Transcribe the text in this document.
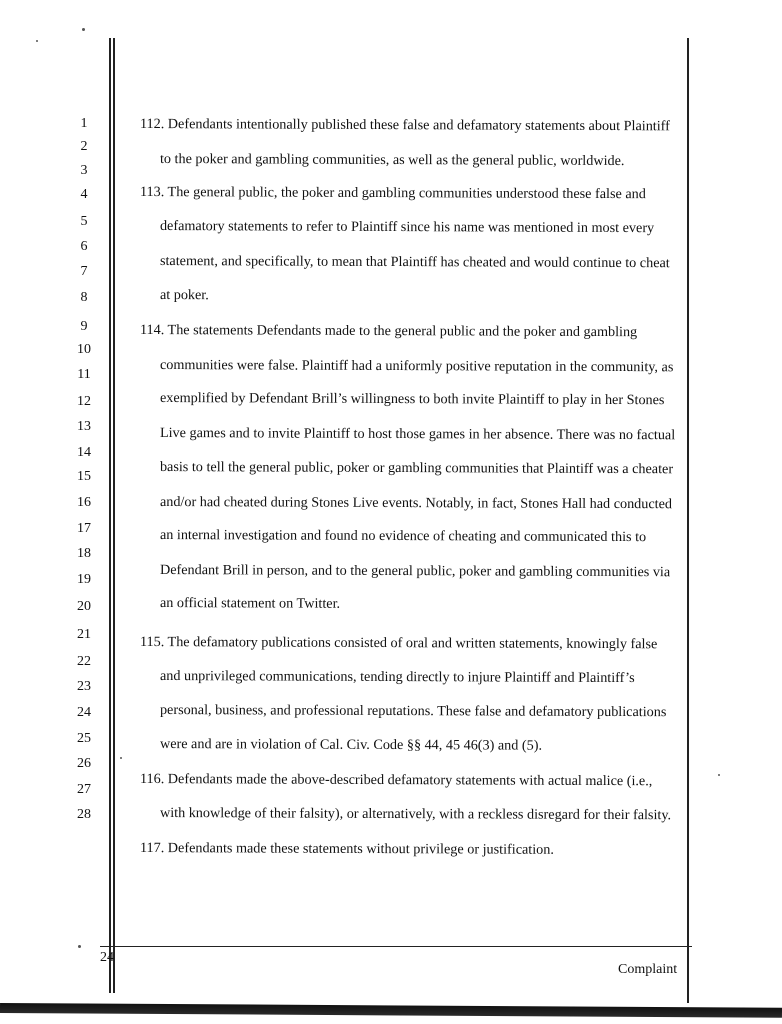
1
2
3
4
5
6
7
8
9
10
11
12
13
14
15
16
17
18
19
20
21
22
23
24
25
26
27
28
112. Defendants intentionally published these false and defamatory statements about Plaintiff
to the poker and gambling communities, as well as the general public, worldwide.
113. The general public, the poker and gambling communities understood these false and
defamatory statements to refer to Plaintiff since his name was mentioned in most every
statement, and specifically, to mean that Plaintiff has cheated and would continue to cheat
at poker.
114. The statements Defendants made to the general public and the poker and gambling
communities were false. Plaintiff had a uniformly positive reputation in the community, as
exemplified by Defendant Brill’s willingness to both invite Plaintiff to play in her Stones
Live games and to invite Plaintiff to host those games in her absence. There was no factual
basis to tell the general public, poker or gambling communities that Plaintiff was a cheater
and/or had cheated during Stones Live events. Notably, in fact, Stones Hall had conducted
an internal investigation and found no evidence of cheating and communicated this to
Defendant Brill in person, and to the general public, poker and gambling communities via
an official statement on Twitter.
115. The defamatory publications consisted of oral and written statements, knowingly false
and unprivileged communications, tending directly to injure Plaintiff and Plaintiff’s
personal, business, and professional reputations. These false and defamatory publications
were and are in violation of Cal. Civ. Code §§ 44, 45 46(3) and (5).
116. Defendants made the above-described defamatory statements with actual malice (i.e.,
with knowledge of their falsity), or alternatively, with a reckless disregard for their falsity.
117. Defendants made these statements without privilege or justification.
24
Complaint
